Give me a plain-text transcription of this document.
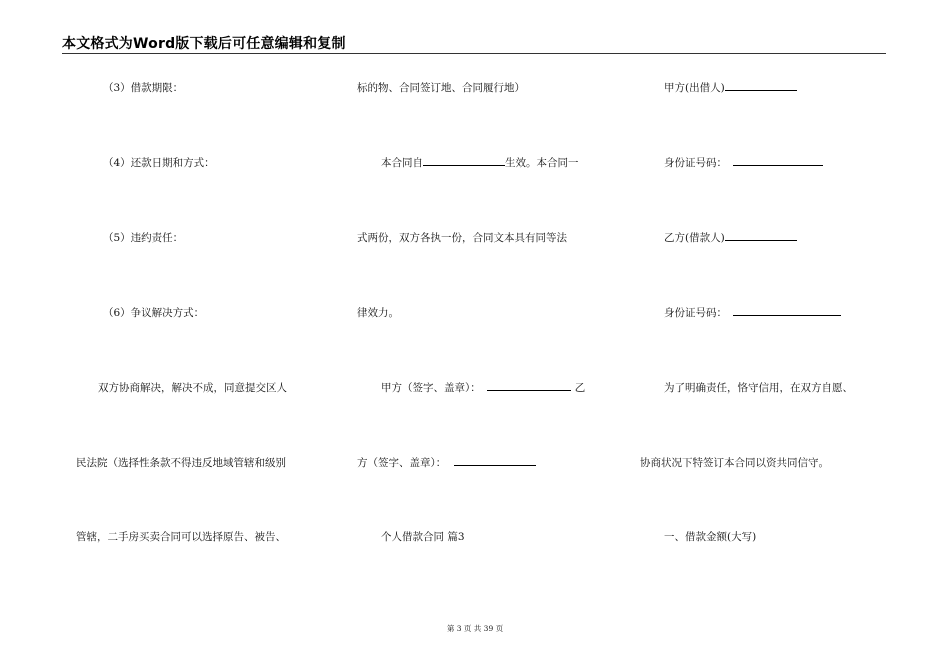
本文格式为Word版下载后可任意编辑和复制
（3）借款期限：
（4）还款日期和方式：
（5）违约责任：
（6）争议解决方式：
双方协商解决，解决不成，同意提交区人
民法院（选择性条款不得违反地域管辖和级别
管辖，二手房买卖合同可以选择原告、被告、
标的物、合同签订地、合同履行地）
本合同自	生效。本合同一
式两份，双方各执一份，合同文本具有同等法
律效力。
甲方（签字、盖章）：	乙
方（签字、盖章）：
个人借款合同 篇3
甲方(出借人)
身份证号码：
乙方(借款人)
身份证号码：
为了明确责任，恪守信用，在双方自愿、
协商状况下特签订本合同以资共同信守。
一、借款金额(大写)
第 3 页 共 39 页
